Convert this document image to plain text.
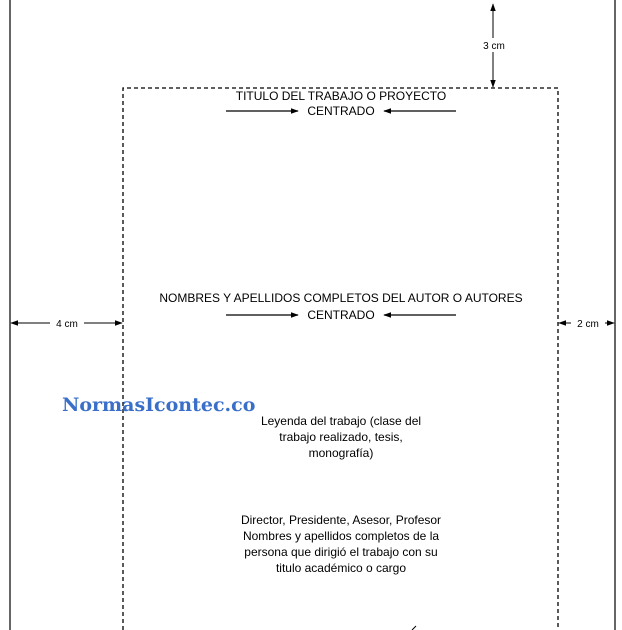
3 cm
4 cm	2 cm
TITULO DEL TRABAJO O PROYECTO
CENTRADO
NOMBRES Y APELLIDOS COMPLETOS DEL AUTOR O AUTORES
CENTRADO
NormasIcontec.co
Leyenda del trabajo (clase del
trabajo realizado, tesis,
monografía)
Director, Presidente, Asesor, Profesor
Nombres y apellidos completos de la
persona que dirigió el trabajo con su
titulo académico o cargo
